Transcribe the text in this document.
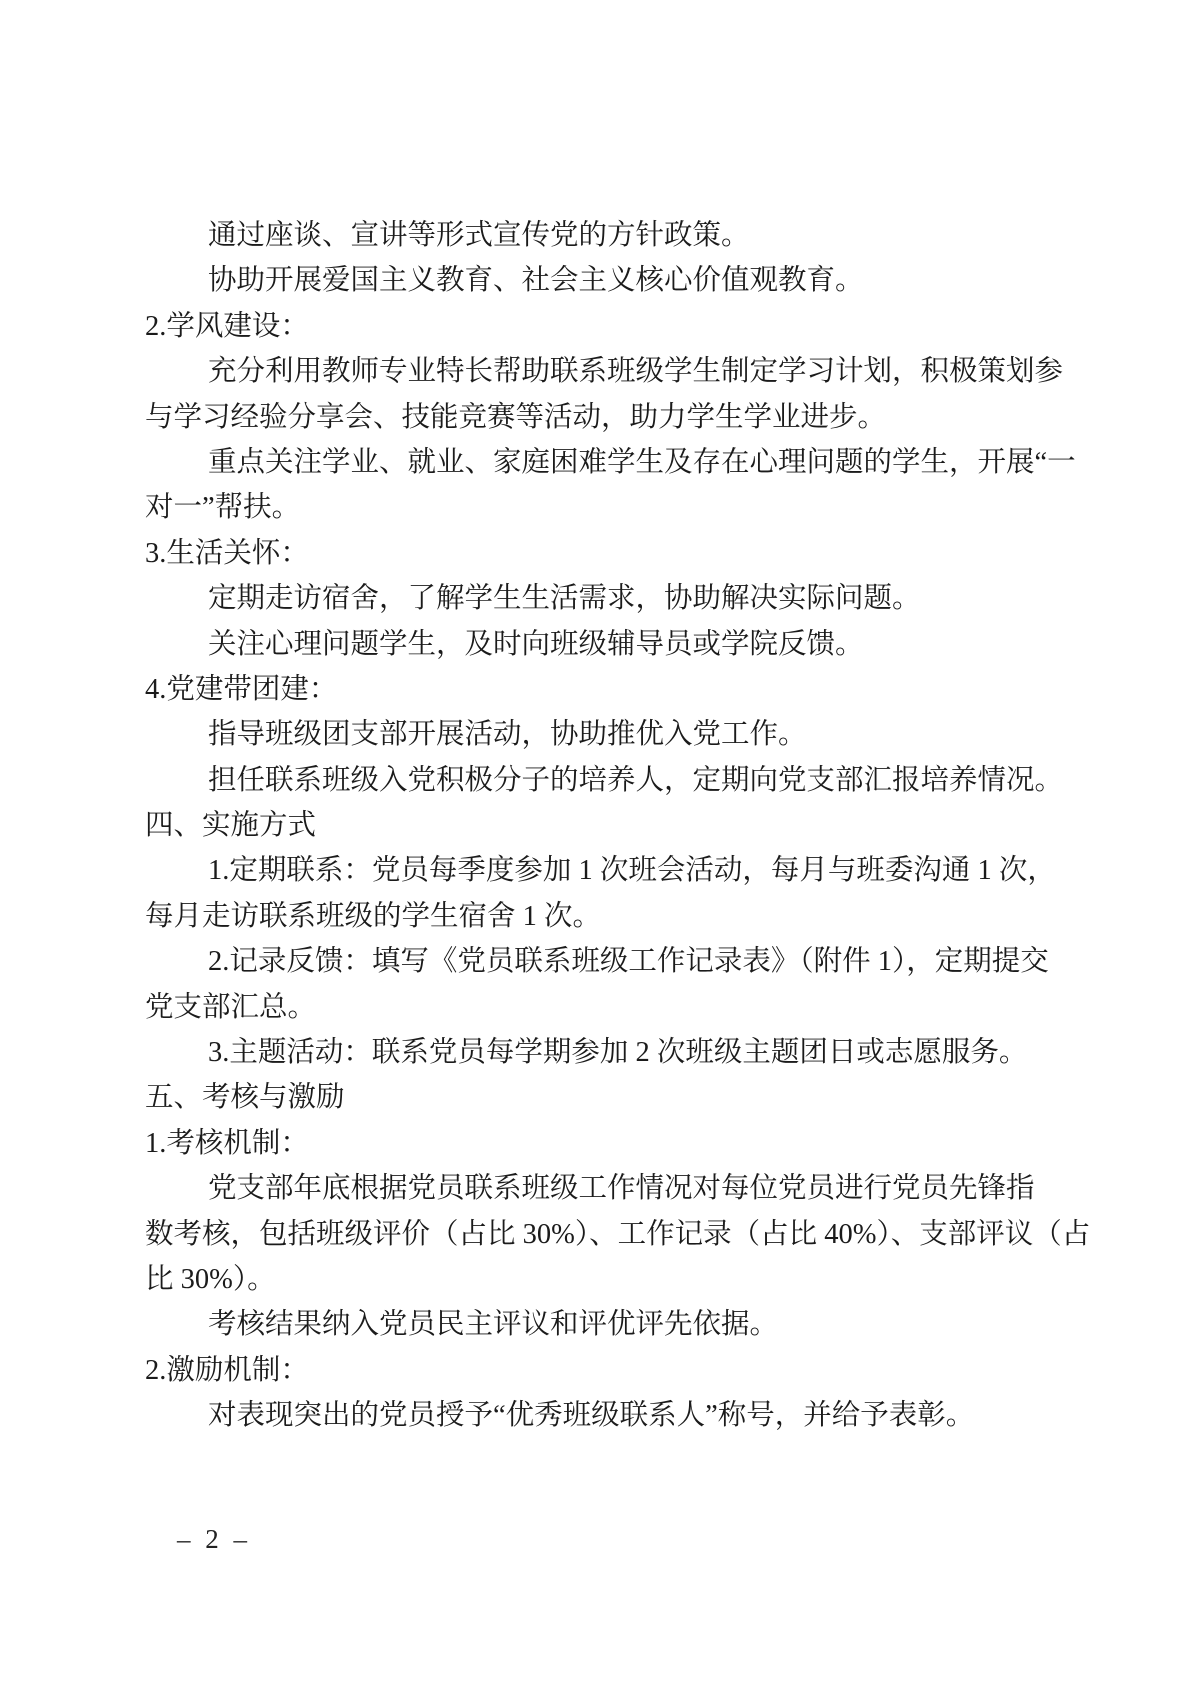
通过座谈、宣讲等形式宣传党的方针政策。
协助开展爱国主义教育、社会主义核心价值观教育。
2.学风建设：
充分利用教师专业特长帮助联系班级学生制定学习计划，积极策划参
与学习经验分享会、技能竞赛等活动，助力学生学业进步。
重点关注学业、就业、家庭困难学生及存在心理问题的学生，开展“一
对一”帮扶。
3.生活关怀：
定期走访宿舍，了解学生生活需求，协助解决实际问题。
关注心理问题学生，及时向班级辅导员或学院反馈。
4.党建带团建：
指导班级团支部开展活动，协助推优入党工作。
担任联系班级入党积极分子的培养人，定期向党支部汇报培养情况。
四、实施方式
1.定期联系：党员每季度参加 1 次班会活动，每月与班委沟通 1 次，
每月走访联系班级的学生宿舍 1 次。
2.记录反馈：填写《党员联系班级工作记录表》（附件 1），定期提交
党支部汇总。
3.主题活动：联系党员每学期参加 2 次班级主题团日或志愿服务。
五、考核与激励
1.考核机制：
党支部年底根据党员联系班级工作情况对每位党员进行党员先锋指
数考核，包括班级评价（占比 30%）、工作记录（占比 40%）、支部评议（占
比 30%）。
考核结果纳入党员民主评议和评优评先依据。
2.激励机制：
对表现突出的党员授予“优秀班级联系人”称号，并给予表彰。
– 2 –
